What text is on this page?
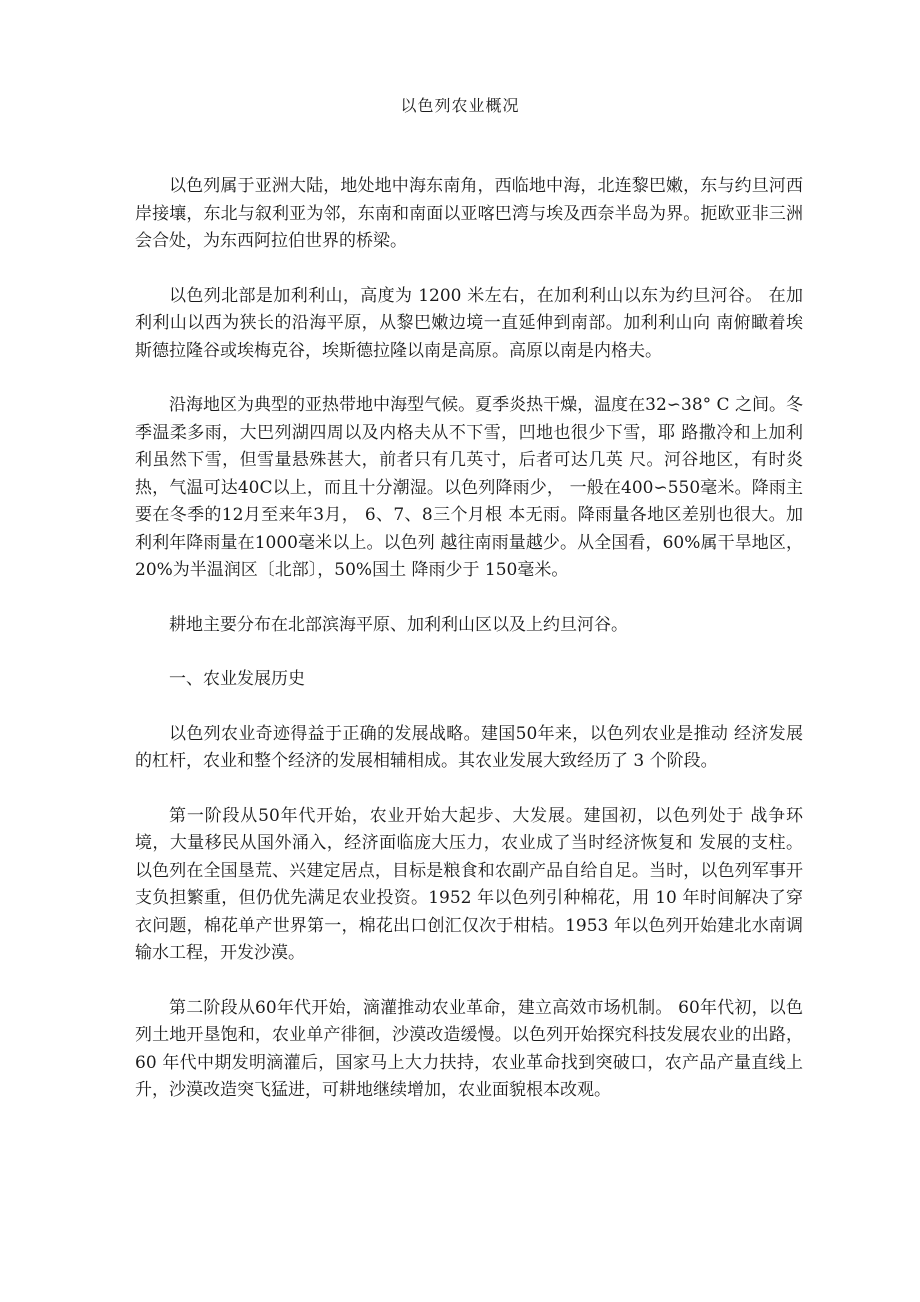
以色列农业概况

以色列属于亚洲大陆，地处地中海东南角，西临地中海，北连黎巴嫩，东与约旦河西岸接壤，东北与叙利亚为邻，东南和南面以亚喀巴湾与埃及西奈半岛为界。扼欧亚非三洲会合处，为东西阿拉伯世界的桥梁。

以色列北部是加利利山，高度为 1200 米左右，在加利利山以东为约旦河谷。 在加利利山以西为狭长的沿海平原，从黎巴嫩边境一直延伸到南部。加利利山向 南俯瞰着埃斯德拉隆谷或埃梅克谷，埃斯德拉隆以南是高原。高原以南是内格夫。

沿海地区为典型的亚热带地中海型气候。夏季炎热干燥，温度在32∽38° C 之间。冬季温柔多雨，大巴列湖四周以及内格夫从不下雪，凹地也很少下雪，耶 路撒冷和上加利利虽然下雪，但雪量悬殊甚大，前者只有几英寸，后者可达几英 尺。河谷地区，有时炎热，气温可达40C以上，而且十分潮湿。以色列降雨少， 一般在400∽550毫米。降雨主要在冬季的12月至来年3月， 6、7、8三个月根 本无雨。降雨量各地区差别也很大。加利利年降雨量在1000毫米以上。以色列 越往南雨量越少。从全国看，60%属干旱地区，20%为半温润区〔北部〕，50%国土 降雨少于 150毫米。

耕地主要分布在北部滨海平原、加利利山区以及上约旦河谷。

一、农业发展历史

以色列农业奇迹得益于正确的发展战略。建国50年来，以色列农业是推动 经济发展的杠杆，农业和整个经济的发展相辅相成。其农业发展大致经历了 3 个阶段。

第一阶段从50年代开始，农业开始大起步、大发展。建国初，以色列处于 战争环境，大量移民从国外涌入，经济面临庞大压力，农业成了当时经济恢复和 发展的支柱。以色列在全国垦荒、兴建定居点，目标是粮食和农副产品自给自足。当时，以色列军事开支负担繁重，但仍优先满足农业投资。1952 年以色列引种棉花，用 10 年时间解决了穿衣问题，棉花单产世界第一，棉花出口创汇仅次于柑桔。1953 年以色列开始建北水南调输水工程，开发沙漠。

第二阶段从60年代开始，滴灌推动农业革命，建立高效市场机制。 60年代初，以色列土地开垦饱和，农业单产徘徊，沙漠改造缓慢。以色列开始探究科技发展农业的出路，60 年代中期发明滴灌后，国家马上大力扶持，农业革命找到突破口，农产品产量直线上升，沙漠改造突飞猛进，可耕地继续增加，农业面貌根本改观。
